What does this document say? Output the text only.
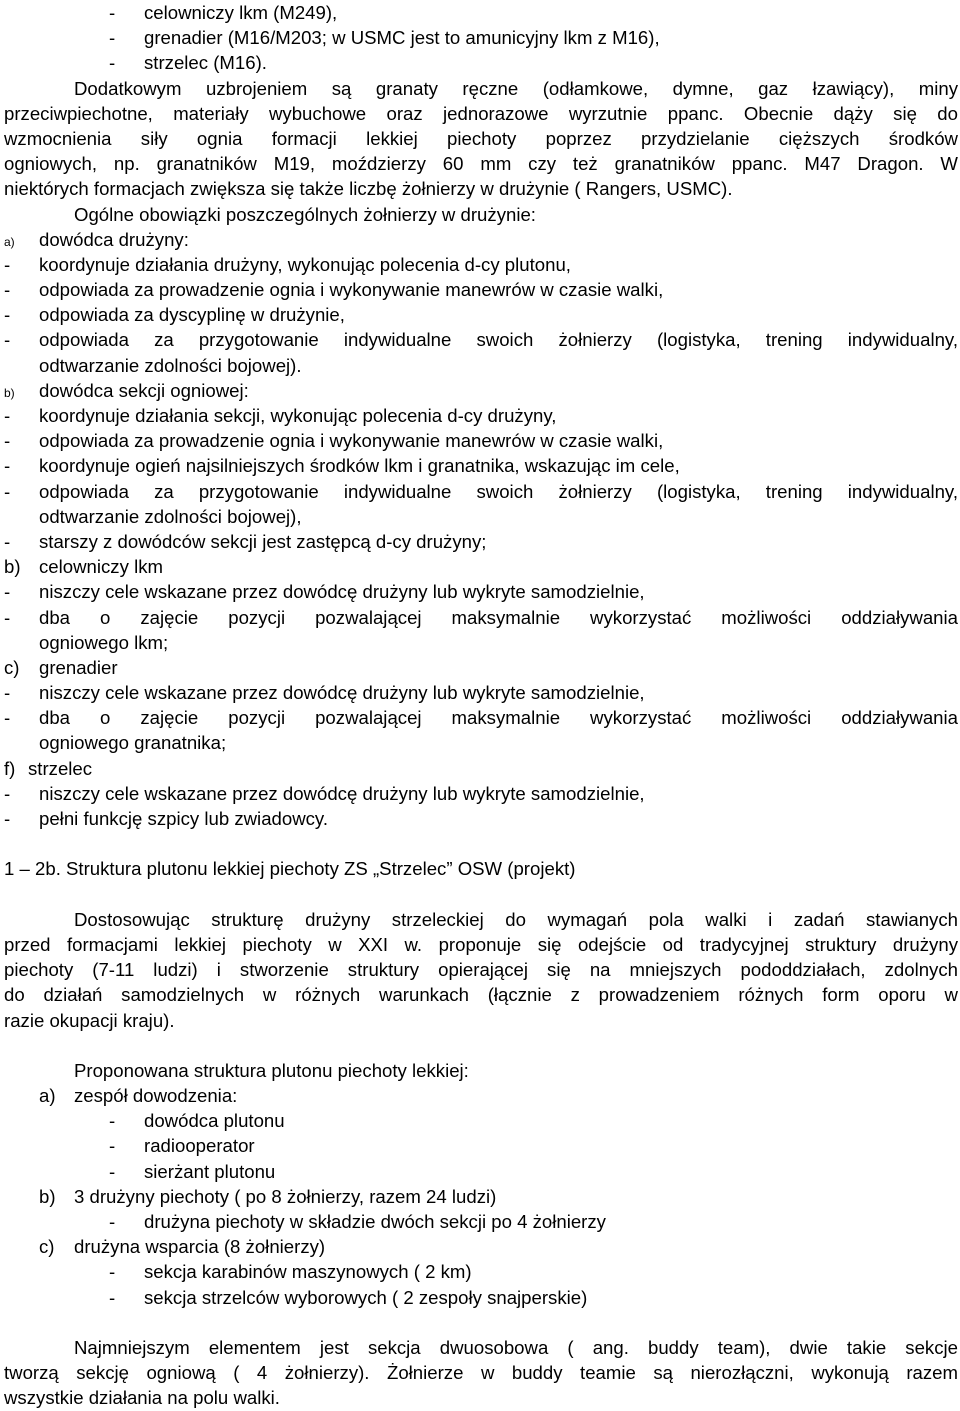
- celowniczy lkm (M249),
- grenadier (M16/M203; w USMC jest to amunicyjny lkm z M16),
- strzelec (M16).
Dodatkowym uzbrojeniem są granaty ręczne (odłamkowe, dymne, gaz łzawiący), miny
przeciwpiechotne, materiały wybuchowe oraz jednorazowe wyrzutnie ppanc. Obecnie dąży się do
wzmocnienia siły ognia formacji lekkiej piechoty poprzez przydzielanie cięższych środków
ogniowych, np. granatników M19, moździerzy 60 mm czy też granatników ppanc. M47 Dragon. W
niektórych formacjach zwiększa się także liczbę żołnierzy w drużynie ( Rangers, USMC).
Ogólne obowiązki poszczególnych żołnierzy w drużynie:
a) dowódca drużyny:
- koordynuje działania drużyny, wykonując polecenia d-cy plutonu,
- odpowiada za prowadzenie ognia i wykonywanie manewrów w czasie walki,
- odpowiada za dyscyplinę w drużynie,
-	odpowiada za przygotowanie indywidualne swoich żołnierzy (logistyka, trening indywidualny,
odtwarzanie zdolności bojowej).
b) dowódca sekcji ogniowej:
- koordynuje działania sekcji, wykonując polecenia d-cy drużyny,
- odpowiada za prowadzenie ognia i wykonywanie manewrów w czasie walki,
- koordynuje ogień najsilniejszych środków lkm i granatnika, wskazując im cele,
-	odpowiada za przygotowanie indywidualne swoich żołnierzy (logistyka, trening indywidualny,
odtwarzanie zdolności bojowej),
- starszy z dowódców sekcji jest zastępcą d-cy drużyny;
b) celowniczy lkm
- niszczy cele wskazane przez dowódcę drużyny lub wykryte samodzielnie,
-	dba o zajęcie pozycji pozwalającej maksymalnie wykorzystać możliwości oddziaływania
ogniowego lkm;
c) grenadier
- niszczy cele wskazane przez dowódcę drużyny lub wykryte samodzielnie,
-	dba o zajęcie pozycji pozwalającej maksymalnie wykorzystać możliwości oddziaływania
ogniowego granatnika;
f) strzelec
- niszczy cele wskazane przez dowódcę drużyny lub wykryte samodzielnie,
- pełni funkcję szpicy lub zwiadowcy.
1 – 2b. Struktura plutonu lekkiej piechoty ZS „Strzelec” OSW (projekt)
Dostosowując strukturę drużyny strzeleckiej do wymagań pola walki i zadań stawianych
przed formacjami lekkiej piechoty w XXI w. proponuje się odejście od tradycyjnej struktury drużyny
piechoty (7-11 ludzi) i stworzenie struktury opierającej się na mniejszych pododdziałach, zdolnych
do działań samodzielnych w różnych warunkach (łącznie z prowadzeniem różnych form oporu w
razie okupacji kraju).
Proponowana struktura plutonu piechoty lekkiej:
a) zespół dowodzenia:
- dowódca plutonu
- radiooperator
- sierżant plutonu
b) 3 drużyny piechoty ( po 8 żołnierzy, razem 24 ludzi)
- drużyna piechoty w składzie dwóch sekcji po 4 żołnierzy
c) drużyna wsparcia (8 żołnierzy)
- sekcja karabinów maszynowych ( 2 km)
- sekcja strzelców wyborowych ( 2 zespoły snajperskie)
Najmniejszym elementem jest sekcja dwuosobowa ( ang. buddy team), dwie takie sekcje
tworzą sekcję ogniową ( 4 żołnierzy). Żołnierze w buddy teamie są nierozłączni, wykonują razem
wszystkie działania na polu walki.
